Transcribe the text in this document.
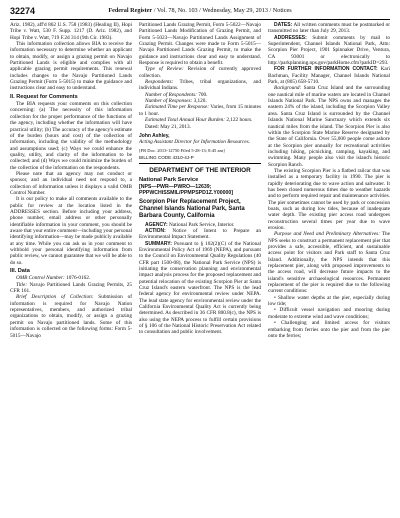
32274	Federal Register / Vol. 78, No. 103 / Wednesday, May 29, 2013 / Notices

Ariz. 1982), aff'd 862 U.S. 758 (1983) (Healing II), Hopi Tribe v. Watt, 530 F. Supp. 1217 (D. Ariz. 1982), and Hopi Tribe v. Watt, 719 F.2d 314 (9th Cir. 1983).

This information collection allows BIA to receive the information necessary to determine whether an applicant to obtain, modify, or assign a grazing permit on Navajo Partitioned Lands is eligible and complies with all applicable grazing permit requirements. This renewal includes changes to the Navajo Partitioned Lands Grazing Permit (Form 5-5015) to make the guidance and instructions clear and easy to understand.

II. Request for Comments

The BIA requests your comments on this collection concerning: (a) The necessity of this information collection for the proper performance of the functions of the agency, including whether the information will have practical utility; (b) The accuracy of the agency's estimate of the burden (hours and cost) of the collection of information, including the validity of the methodology and assumptions used; (c) Ways we could enhance the quality, utility, and clarity of the information to be collected; and (d) Ways we could minimize the burden of the collection of the information on the respondents.

Please note that an agency may not conduct or sponsor, and an individual need not respond to, a collection of information unless it displays a valid OMB Control Number.

It is our policy to make all comments available to the public for review at the location listed in the ADDRESSES section. Before including your address, phone number, email address or other personally identifiable information in your comment, you should be aware that your entire comment—including your personal identifying information—may be made publicly available at any time. While you can ask us in your comment to withhold your personal identifying information from public review, we cannot guarantee that we will be able to do so.

III. Data

OMB Control Number: 1076-0162.

Title: Navajo Partitioned Lands Grazing Permits, 25 CFR 161.

Brief Description of Collection: Submission of information is required for Navajo Nation representatives, members, and authorized tribal organizations to obtain, modify, or assign a grazing permit on Navajo partitioned lands. Some of this information is collected on the following forms: Form 5-5015—Navajo

Partitioned Lands Grazing Permit, Form 5-5022—Navajo Partitioned Lands Modification of Grazing Permit, and Form 5-5023—Navajo Partitioned Lands Assignment of Grazing Permit. Changes were made to Form 5-5015—Navajo Partitioned Lands Grazing Permit, to make the guidance and instructions clear and easy to understand. Response is required to obtain a benefit.

Type of Review: Revision of currently approved collection.

Respondents: Tribes, tribal organizations, and individual Indians.

Number of Respondents: 700.

Number of Responses: 3,120.

Estimated Time per Response: Varies, from 15 minutes to 1 hour.

Estimated Total Annual Hour Burden: 2,122 hours.

Dated: May 21, 2013.

John Ashley,

Acting Assistant Director for Information Resources.

[FR Doc. 2013-12750 Filed 5-28-13; 8:45 am]

BILLING CODE 4310-4J-P

DEPARTMENT OF THE INTERIOR

National Park Service

[NPS—PWR—PWRO—12639; PPPWCHISSMIL/PPMPSPD1Z.Y00000]

Scorpion Pier Replacement Project, Channel Islands National Park, Santa Barbara County, California

AGENCY: National Park Service, Interior.

ACTION: Notice of Intent to Prepare an Environmental Impact Statement.

SUMMARY: Pursuant to § 102(2)(C) of the National Environmental Policy Act of 1969 (NEPA), and pursuant to the Council on Environmental Quality Regulations (40 CFR part 1500-08), the National Park Service (NPS) is initiating the conservation planning and environmental impact analysis process for the proposed replacement and potential relocation of the existing Scorpion Pier at Santa Cruz Island's eastern waterfront. The NPS is the lead federal agency for environmental review under NEPA. The lead state agency for environmental review under the California Environmental Quality Act is currently being determined. As described in 36 CFR 800.8(c), the NPS is also using the NEPA process to fulfill certain provisions of § 106 of the National Historic Preservation Act related to consultation and public involvement.

DATES: All written comments must be postmarked or transmitted no later than July 29, 2013.

ADDRESSES: Submit comments by mail to Superintendent, Channel Islands National Park, Attn: Scorpion Pier Project, 1901 Spinnaker Drive, Ventura, CA 93001 or electronically to http://parkplanning.nps.gov/parkHome.cfm?parkID=293.

FOR FURTHER INFORMATION CONTACT: Kari Bachman, Facility Manager, Channel Islands National Park, at (805) 658-5710.

Background: Santa Cruz Island and the surrounding one nautical mile of marine waters are located in Channel Islands National Park. The NPS owns and manages the eastern 24% of the island, including the Scorpion Valley area. Santa Cruz Island is surrounded by the Channel Islands National Marine Sanctuary which extends six nautical miles from the island. The Scorpion Pier is also within the Scorpion State Marine Reserve designated by the State of California. Over 55,000 people come ashore at the Scorpion pier annually for recreational activities including hiking, picnicking, camping, kayaking, and swimming. Many people also visit the island's historic Scorpion Ranch.

The existing Scorpion Pier is a flatbed railcar that was installed as a temporary facility in 1990. The pier is rapidly deteriorating due to wave action and saltwater. It has been closed numerous times due to weather hazards and to perform required repair and maintenance activities. The pier sometimes cannot be used by park or concession boats, such as during low tides, because of inadequate water depth. The existing pier access road undergoes reconstruction several times per year due to wave erosion.

Purpose and Need and Preliminary Alternatives: The NPS seeks to construct a permanent replacement pier that provides a safe, accessible, efficient, and sustainable access point for visitors and Park staff to Santa Cruz Island. Additionally, the NPS intends that this replacement pier, along with proposed improvements to the access road, will decrease future impacts to the island's sensitive archaeological resources. Permanent replacement of the pier is required due to the following current conditions:

• Shallow water depths at the pier, especially during low tide;

• Difficult vessel navigation and mooring during moderate to extreme wind and wave conditions;

• Challenging and limited access for visitors embarking from ferries onto the pier and from the pier onto the ferries;
